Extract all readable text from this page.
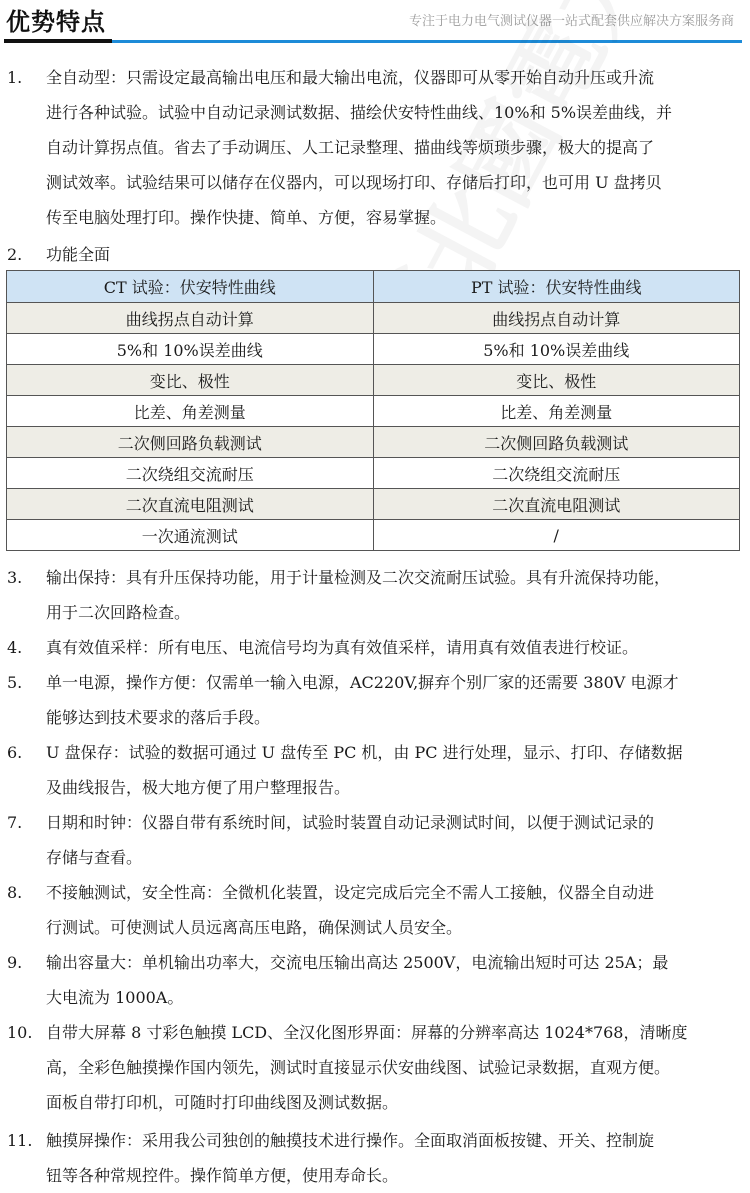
优势特点	专注于电力电气测试仪器一站式配套供应解决方案服务商
1. 全自动型：只需设定最高输出电压和最大输出电流，仪器即可从零开始自动升压或升流
进行各种试验。试验中自动记录测试数据、描绘伏安特性曲线、10%和 5%误差曲线，并
自动计算拐点值。省去了手动调压、人工记录整理、描曲线等烦琐步骤，极大的提高了
测试效率。试验结果可以储存在仪器内，可以现场打印、存储后打印，也可用 U 盘拷贝
传至电脑处理打印。操作快捷、简单、方便，容易掌握。
2. 功能全面
3. 输出保持：具有升压保持功能，用于计量检测及二次交流耐压试验。具有升流保持功能，
用于二次回路检查。
4. 真有效值采样：所有电压、电流信号均为真有效值采样，请用真有效值表进行校证。
5. 单一电源，操作方便：仅需单一输入电源，AC220V,摒弃个别厂家的还需要 380V 电源才
能够达到技术要求的落后手段。
6. U 盘保存：试验的数据可通过 U 盘传至 PC 机，由 PC 进行处理，显示、打印、存储数据
及曲线报告，极大地方便了用户整理报告。
7. 日期和时钟：仪器自带有系统时间，试验时装置自动记录测试时间，以便于测试记录的
存储与查看。
8. 不接触测试，安全性高：全微机化装置，设定完成后完全不需人工接触，仪器全自动进
行测试。可使测试人员远离高压电路，确保测试人员安全。
9. 输出容量大：单机输出功率大，交流电压输出高达 2500V，电流输出短时可达 25A；最
大电流为 1000A。
10. 自带大屏幕 8 寸彩色触摸 LCD、全汉化图形界面：屏幕的分辨率高达 1024*768，清晰度
高，全彩色触摸操作国内领先，测试时直接显示伏安曲线图、试验记录数据，直观方便。
面板自带打印机，可随时打印曲线图及测试数据。
11. 触摸屏操作：采用我公司独创的触摸技术进行操作。全面取消面板按键、开关、控制旋
钮等各种常规控件。操作简单方便，使用寿命长。
CT 试验：伏安特性曲线	PT 试验：伏安特性曲线
曲线拐点自动计算	曲线拐点自动计算
5%和 10%误差曲线	5%和 10%误差曲线
变比、极性	变比、极性
比差、角差测量	比差、角差测量
二次侧回路负载测试	二次侧回路负载测试
二次绕组交流耐压	二次绕组交流耐压
二次直流电阻测试	二次直流电阻测试
一次通流测试	/
